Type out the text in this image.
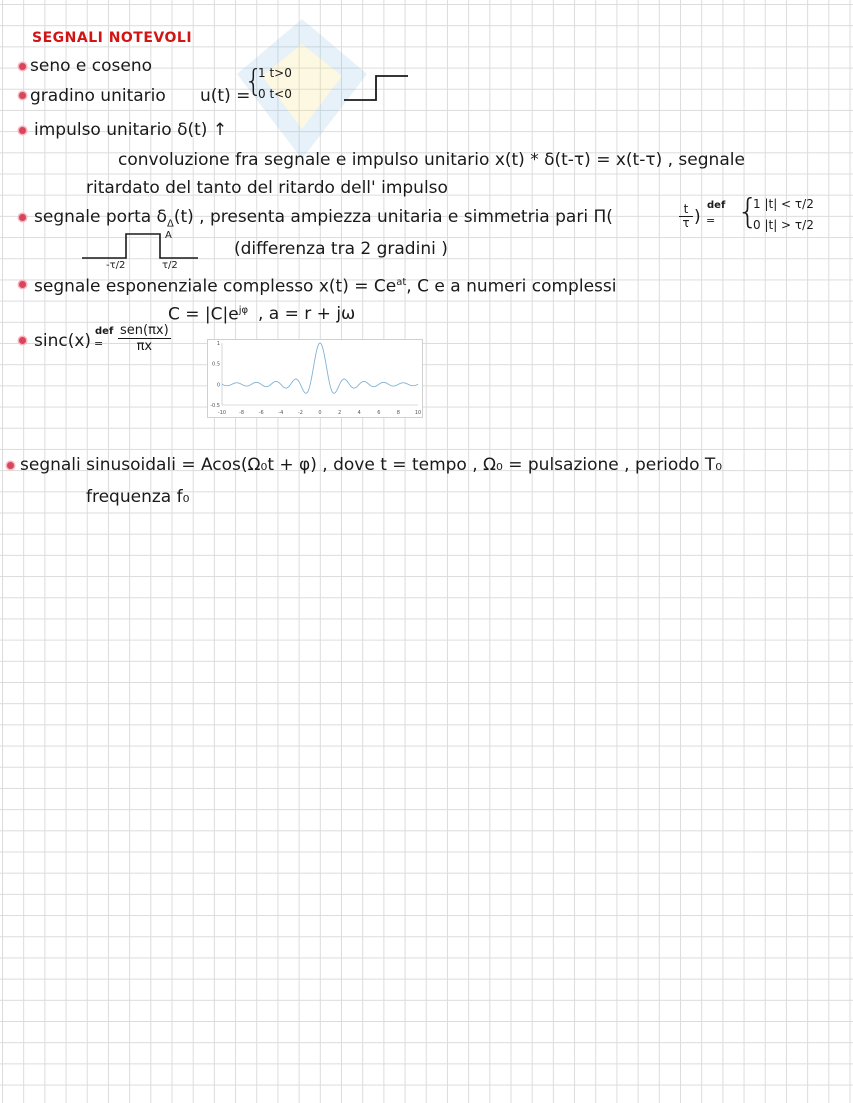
SEGNALI NOTEVOLI
seno e coseno
gradino unitario u(t) =
{
1 t>0
0 t<0
impulso unitario δ(t) ↑
convoluzione fra segnale e impulso unitario x(t) * δ(t-τ) = x(t-τ) , segnale
ritardato del tanto del ritardo dell' impulso
segnale porta $\delta_\Delta(t)$ , presenta ampiezza unitaria e simmetria pari Π(	$\frac{t}{\tau}$ )
def
= {
1 |t| < τ/2
0 |t| > τ/2
A
-τ/2	τ/2
(differenza tra 2 gradini )
segnale esponenziale complesso $x(t) = Ce^{at}$, C e a numeri complessi
$C = |C|e^{j\varphi}$ , a = r + jω
sinc(x) def
=
sen(πx)
πx
-10	-8	-6	-4	-2	0	2	4	6	8	10
1
0.5
0
-0.5
segnali sinusoidali = Acos(Ω₀t + φ) , dove t = tempo , Ω₀ = pulsazione , periodo T₀
frequenza f₀
